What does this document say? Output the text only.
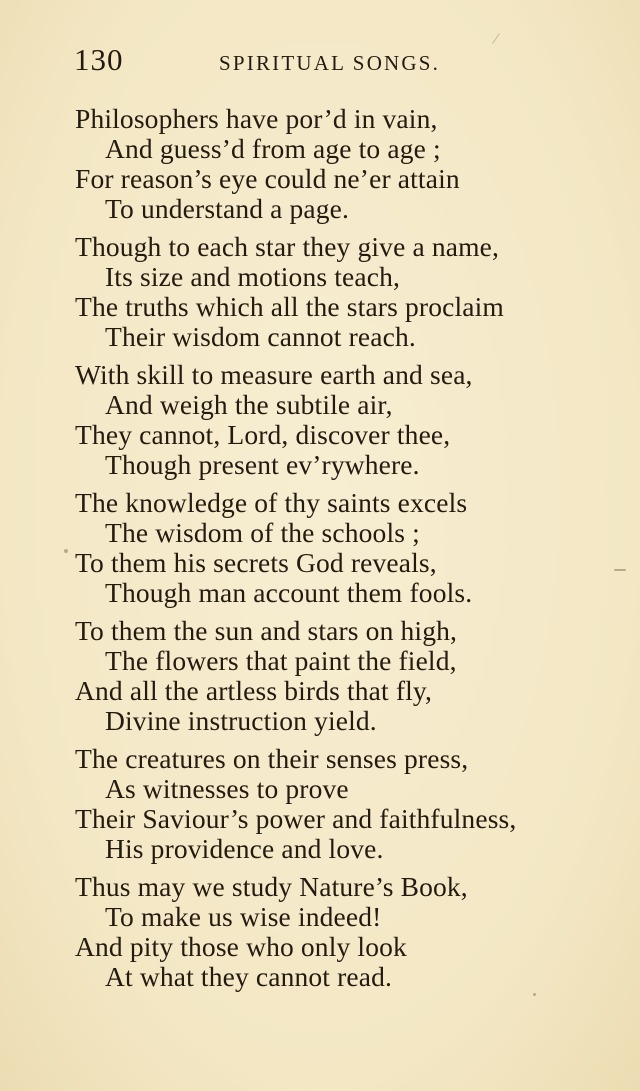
130	SPIRITUAL SONGS.
Philosophers have por’d in vain,
And guess’d from age to age ;
For reason’s eye could ne’er attain
To understand a page.
Though to each star they give a name,
Its size and motions teach,
The truths which all the stars proclaim
Their wisdom cannot reach.
With skill to measure earth and sea,
And weigh the subtile air,
They cannot, Lord, discover thee,
Though present ev’rywhere.
The knowledge of thy saints excels
The wisdom of the schools ;
To them his secrets God reveals,
Though man account them fools.
To them the sun and stars on high,
The flowers that paint the field,
And all the artless birds that fly,
Divine instruction yield.
The creatures on their senses press,
As witnesses to prove
Their Saviour’s power and faithfulness,
His providence and love.
Thus may we study Nature’s Book,
To make us wise indeed!
And pity those who only look
At what they cannot read.
